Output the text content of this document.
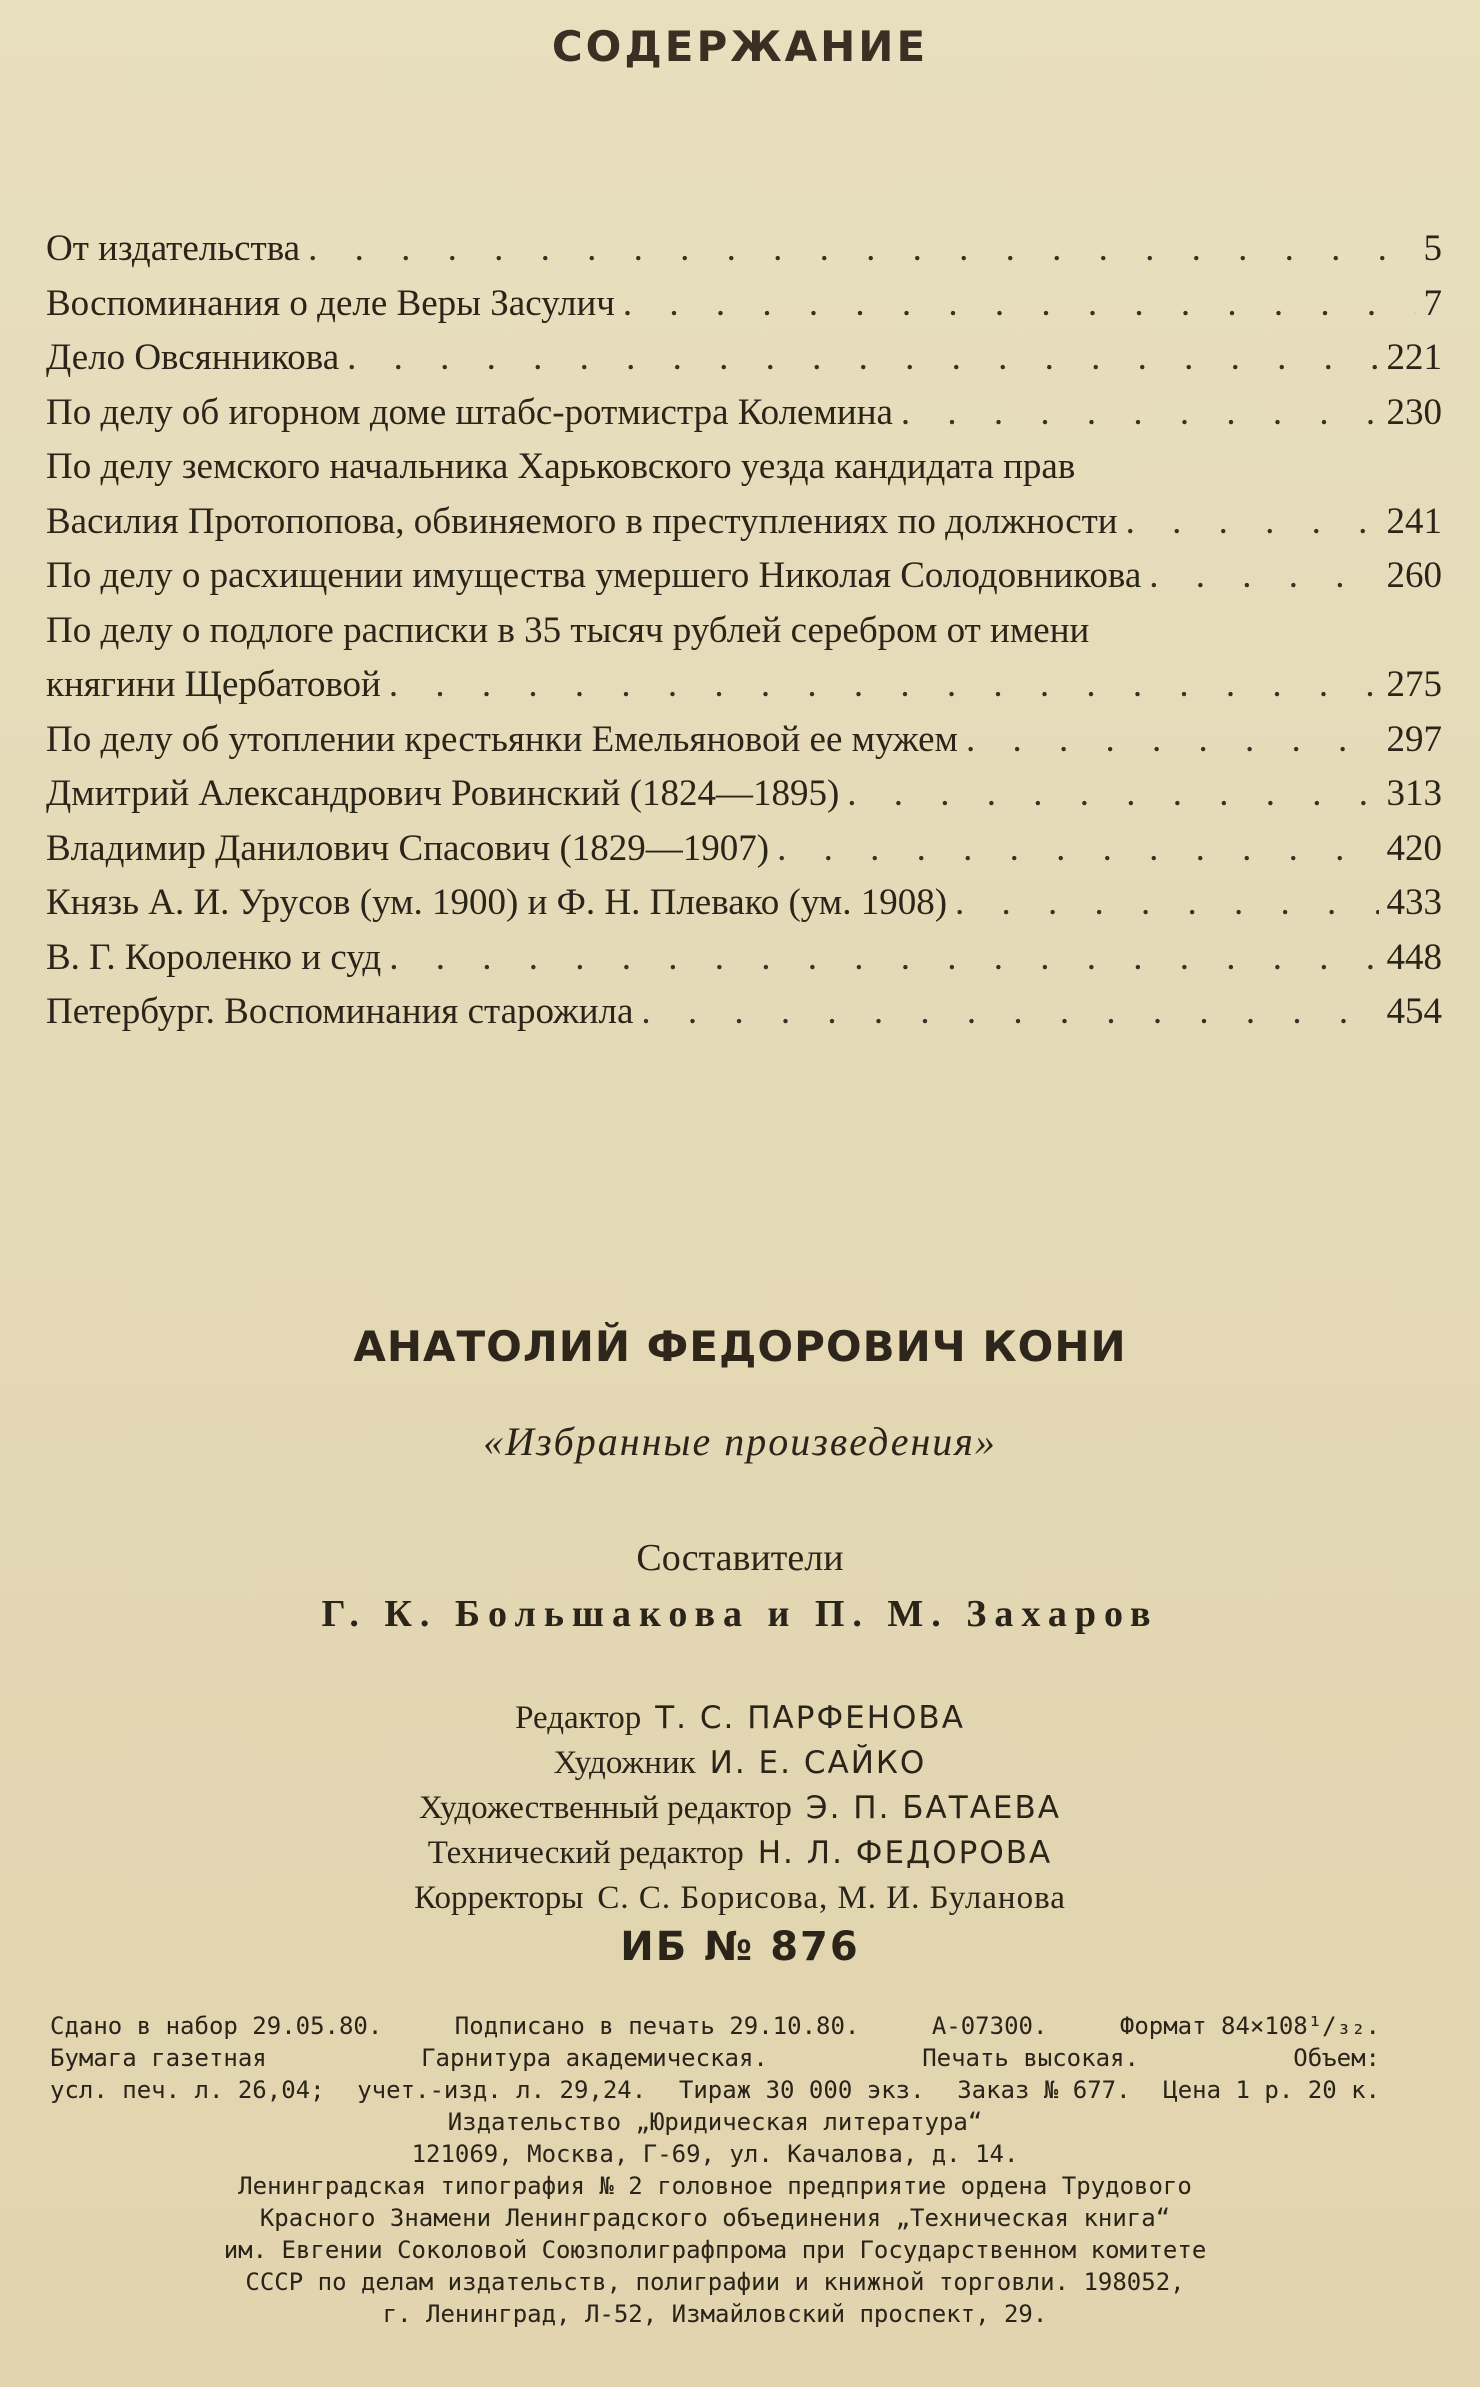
СОДЕРЖАНИЕ
От издательства . . .	5
Воспоминания о деле Веры Засулич . . .	7
Дело Овсянникова . . .	221
По делу об игорном доме штабс-ротмистра Колемина . . .	230
По делу земского начальника Харьковского уезда кандидата прав
Василия Протопопова, обвиняемого в преступлениях по должности . . .	241
По делу о расхищении имущества умершего Николая Солодовникова . . .	260
По делу о подлоге расписки в 35 тысяч рублей серебром от имени
княгини Щербатовой . . .	275
По делу об утоплении крестьянки Емельяновой ее мужем . . .	297
Дмитрий Александрович Ровинский (1824—1895) . . .	313
Владимир Данилович Спасович (1829—1907) . . .	420
Князь А. И. Урусов (ум. 1900) и Ф. Н. Плевако (ум. 1908) . . .	433
В. Г. Короленко и суд . . .	448
Петербург. Воспоминания старожила . . .	454
АНАТОЛИЙ ФЕДОРОВИЧ КОНИ
«Избранные произведения»
Составители
Г. К. Большакова и П. М. Захаров
Редактор Т. С. ПАРФЕНОВА
Художник И. Е. САЙКО
Художественный редактор Э. П. БАТАЕВА
Технический редактор Н. Л. ФЕДОРОВА
Корректоры С. С. Борисова, М. И. Буланова
ИБ № 876
Сдано в набор 29.05.80.	Подписано в печать 29.10.80.	А-07300.	Формат 84×108¹/₃₂.
Бумага газетная	Гарнитура академическая.	Печать высокая.	Объем:
усл. печ. л. 26,04; учет.-изд. л. 29,24. Тираж 30 000 экз. Заказ № 677. Цена 1 р. 20 к.
Издательство „Юридическая литература“
121069, Москва, Г-69, ул. Качалова, д. 14.
Ленинградская типография № 2 головное предприятие ордена Трудового
Красного Знамени Ленинградского объединения „Техническая книга“
им. Евгении Соколовой Союзполиграфпрома при Государственном комитете
СССР по делам издательств, полиграфии и книжной торговли. 198052,
г. Ленинград, Л-52, Измайловский проспект, 29.
